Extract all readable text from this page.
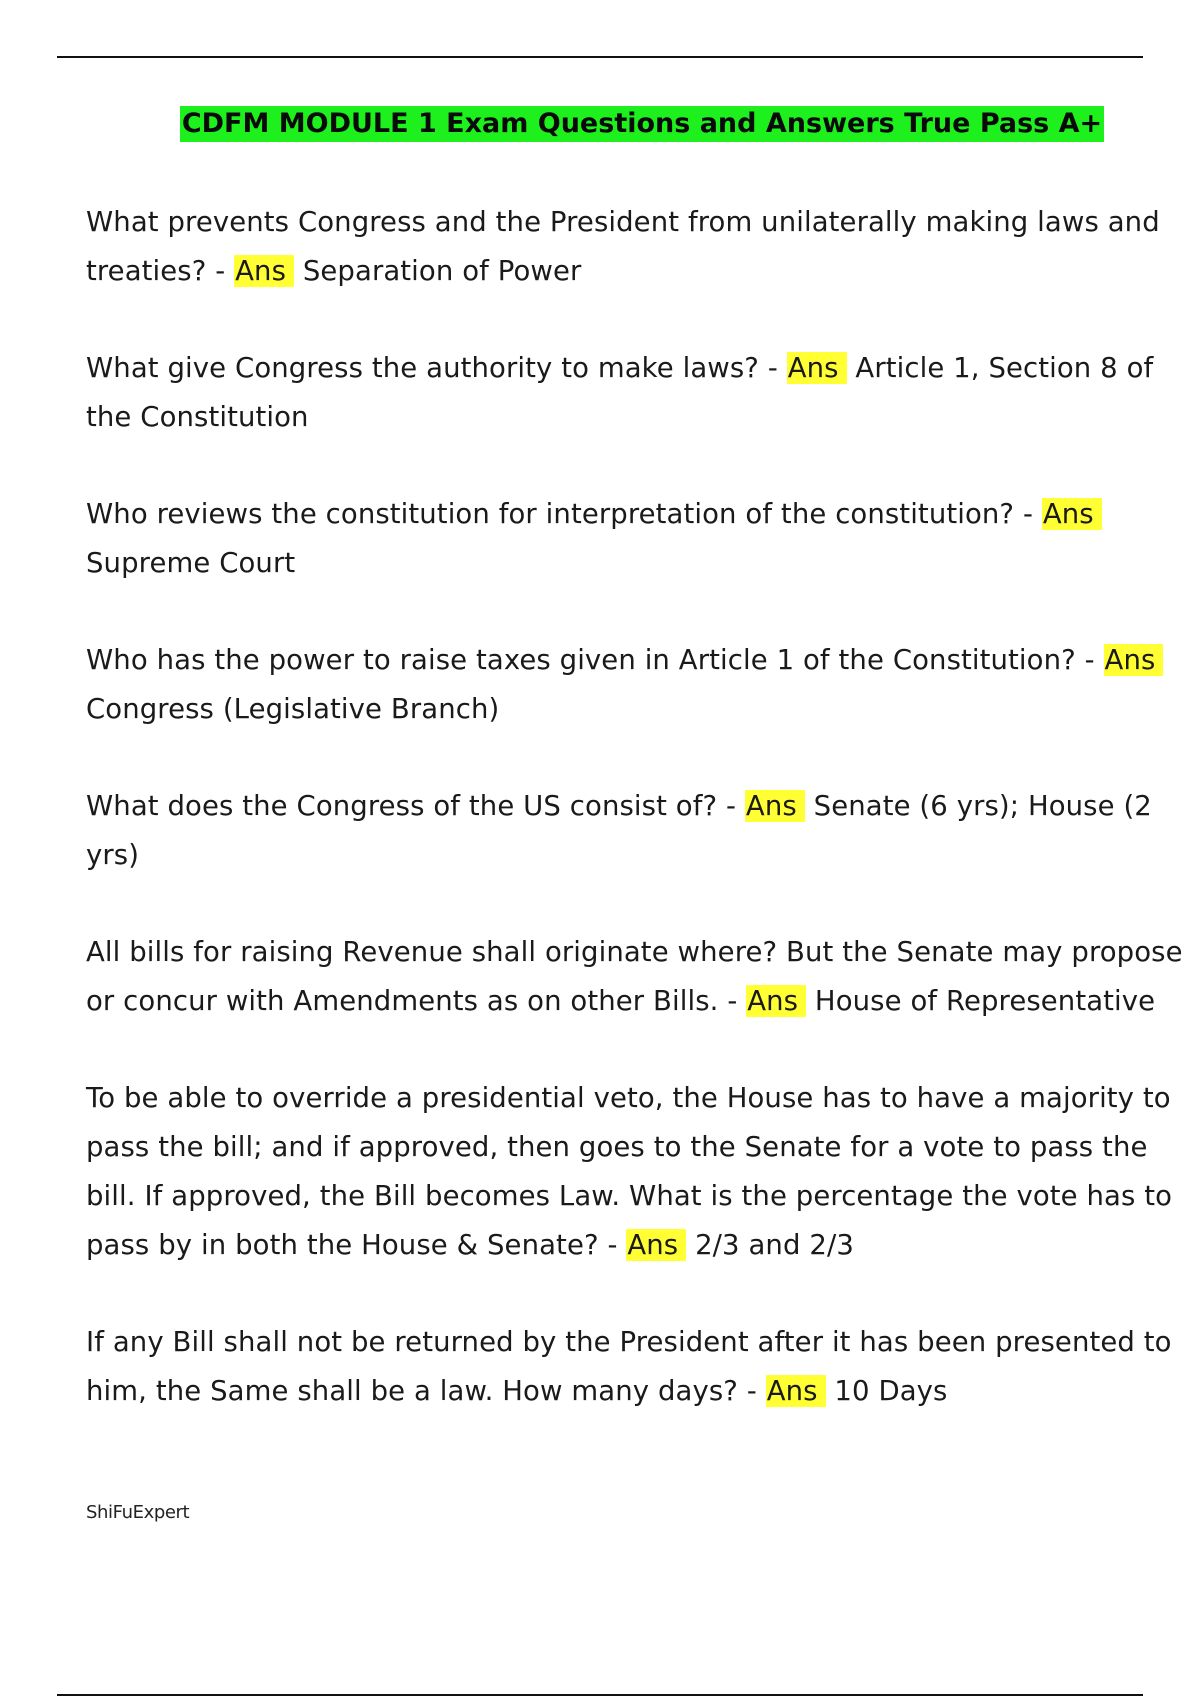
CDFM MODULE 1 Exam Questions and Answers True Pass A+

What prevents Congress and the President from unilaterally making laws and treaties? - Ans Separation of Power

What give Congress the authority to make laws? - Ans Article 1, Section 8 of the Constitution

Who reviews the constitution for interpretation of the constitution? - Ans Supreme Court

Who has the power to raise taxes given in Article 1 of the Constitution? - Ans Congress (Legislative Branch)

What does the Congress of the US consist of? - Ans Senate (6 yrs); House (2 yrs)

All bills for raising Revenue shall originate where? But the Senate may propose or concur with Amendments as on other Bills. - Ans House of Representative

To be able to override a presidential veto, the House has to have a majority to pass the bill; and if approved, then goes to the Senate for a vote to pass the bill. If approved, the Bill becomes Law. What is the percentage the vote has to pass by in both the House & Senate? - Ans 2/3 and 2/3

If any Bill shall not be returned by the President after it has been presented to him, the Same shall be a law. How many days? - Ans 10 Days

ShiFuExpert
